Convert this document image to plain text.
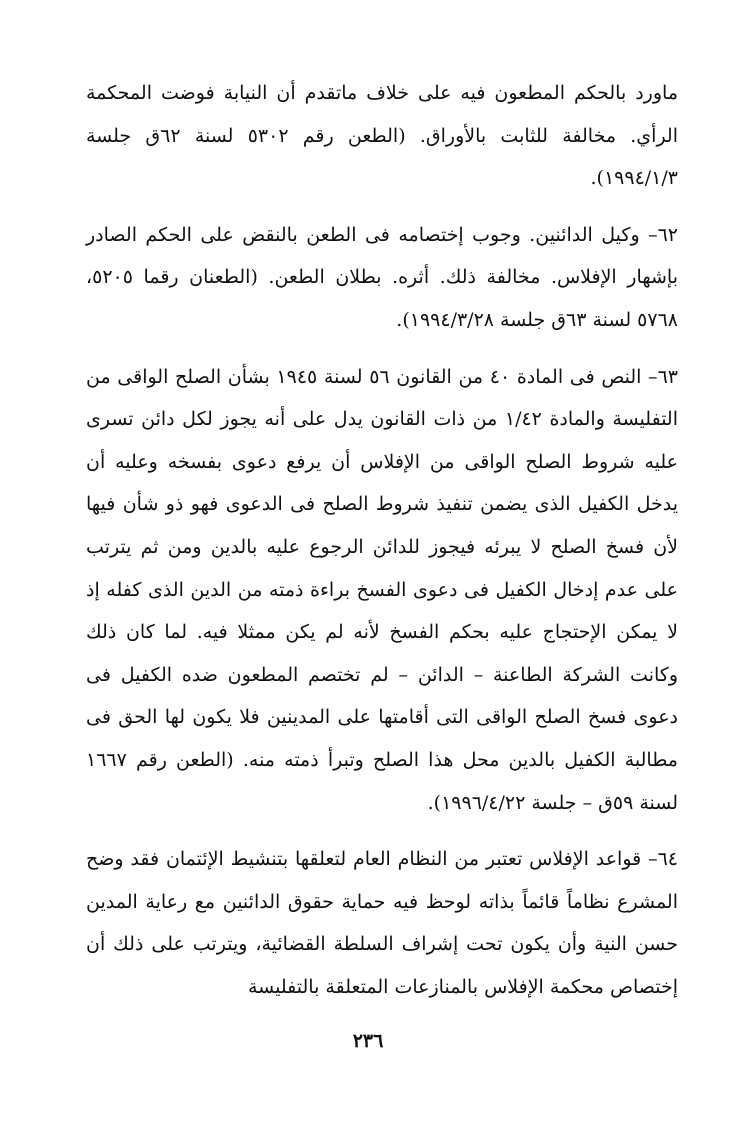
ماورد بالحكم المطعون فيه على خلاف ماتقدم أن النيابة فوضت المحكمة الرأي. مخالفة للثابت بالأوراق. (الطعن رقم ٥٣٠٢ لسنة ٦٢ق جلسة ١٩٩٤/١/٣).

٦٢– وكيل الدائنين. وجوب إختصامه فى الطعن بالنقض على الحكم الصادر بإشهار الإفلاس. مخالفة ذلك. أثره. بطلان الطعن. (الطعنان رقما ٥٢٠٥، ٥٧٦٨ لسنة ٦٣ق جلسة ١٩٩٤/٣/٢٨).

٦٣– النص فى المادة ٤٠ من القانون ٥٦ لسنة ١٩٤٥ بشأن الصلح الواقى من التفليسة والمادة ١/٤٢ من ذات القانون يدل على أنه يجوز لكل دائن تسرى عليه شروط الصلح الواقى من الإفلاس أن يرفع دعوى بفسخه وعليه أن يدخل الكفيل الذى يضمن تنفيذ شروط الصلح فى الدعوى فهو ذو شأن فيها لأن فسخ الصلح لا يبرئه فيجوز للدائن الرجوع عليه بالدين ومن ثم يترتب على عدم إدخال الكفيل فى دعوى الفسخ براءة ذمته من الدين الذى كفله إذ لا يمكن الإحتجاج عليه بحكم الفسخ لأنه لم يكن ممثلا فيه. لما كان ذلك وكانت الشركة الطاعنة – الدائن – لم تختصم المطعون ضده الكفيل فى دعوى فسخ الصلح الواقى التى أقامتها على المدينين فلا يكون لها الحق فى مطالبة الكفيل بالدين محل هذا الصلح وتبرأ ذمته منه. (الطعن رقم ١٦٦٧ لسنة ٥٩ق – جلسة ١٩٩٦/٤/٢٢).

٦٤– قواعد الإفلاس تعتبر من النظام العام لتعلقها بتنشيط الإئتمان فقد وضح المشرع نظاماً قائماً بذاته لوحظ فيه حماية حقوق الدائنين مع رعاية المدين حسن النية وأن يكون تحت إشراف السلطة القضائية، ويترتب على ذلك أن إختصاص محكمة الإفلاس بالمنازعات المتعلقة بالتفليسة

٢٣٦
